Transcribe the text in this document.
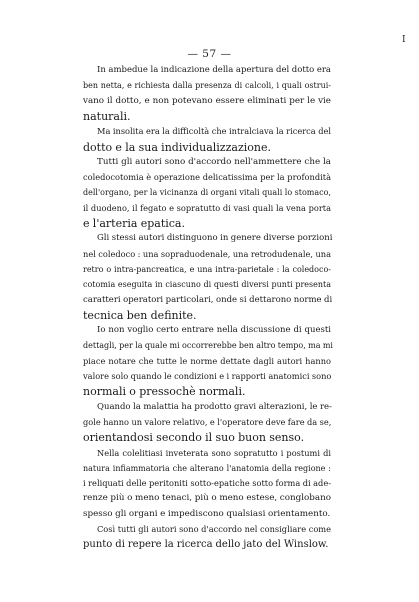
I
— 57 —
In ambedue la indicazione della apertura del dotto era
ben netta, e richiesta dalla presenza di calcoli, i quali ostrui-
vano il dotto, e non potevano essere eliminati per le vie
naturali.
Ma insolita era la difficoltà che intralciava la ricerca del
dotto e la sua individualizzazione.
Tutti gli autori sono d'accordo nell'ammettere che la
coledocotomia è operazione delicatissima per la profondità
dell'organo, per la vicinanza di organi vitali quali lo stomaco,
il duodeno, il fegato e sopratutto di vasi quali la vena porta
e l'arteria epatica.
Gli stessi autori distinguono in genere diverse porzioni
nel coledoco : una sopraduodenale, una retrodudenale, una
retro o intra-pancreatica, e una intra-parietale : la coledoco-
cotomia eseguita in ciascuno di questi diversi punti presenta
caratteri operatori particolari, onde si dettarono norme di
tecnica ben definite.
Io non voglio certo entrare nella discussione di questi
dettagli, per la quale mi occorrerebbe ben altro tempo, ma mi
piace notare che tutte le norme dettate dagli autori hanno
valore solo quando le condizioni e i rapporti anatomici sono
normali o pressochè normali.
Quando la malattia ha prodotto gravi alterazioni, le re-
gole hanno un valore relativo, e l'operatore deve fare da se,
orientandosi secondo il suo buon senso.
Nella colelitiasi inveterata sono sopratutto i postumi di
natura infiammatoria che alterano l'anatomia della regione :
i reliquati delle peritoniti sotto-epatiche sotto forma di ade-
renze più o meno tenaci, più o meno estese, conglobano
spesso gli organi e impediscono qualsiasi orientamento.
Così tutti gli autori sono d'accordo nel consigliare come
punto di repere la ricerca dello jato del Winslow.
